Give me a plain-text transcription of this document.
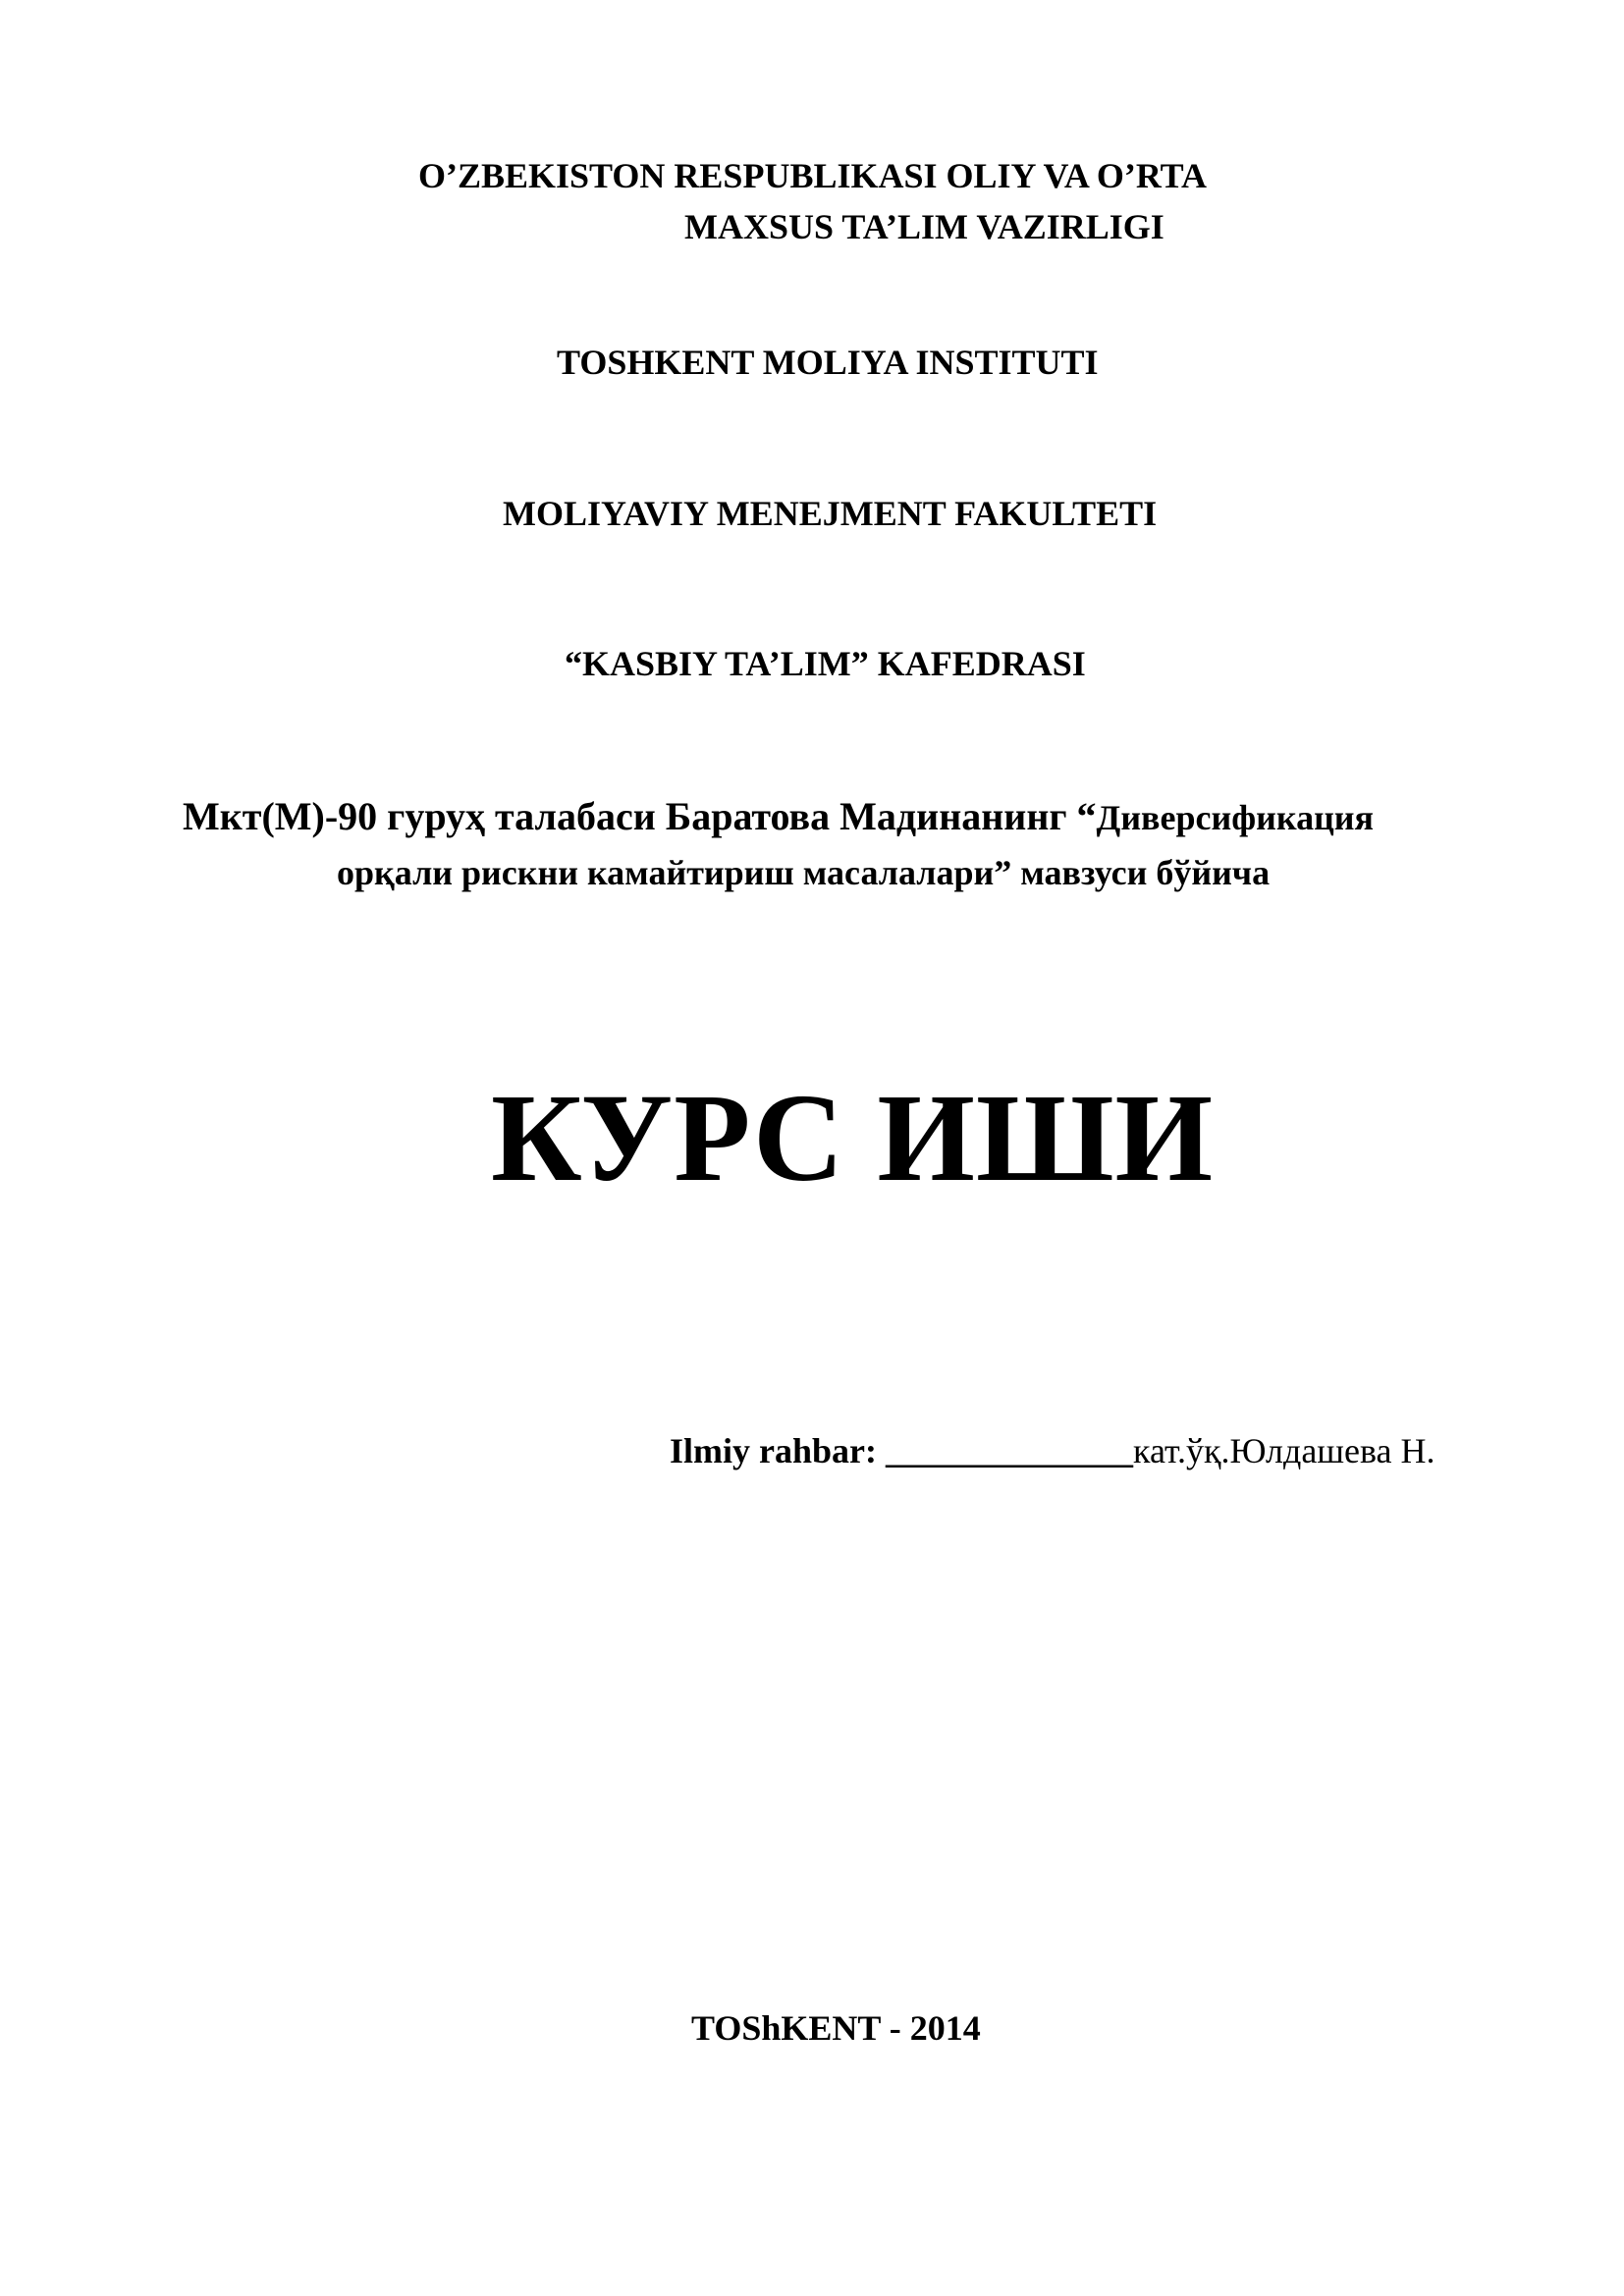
O’ZBEKISTON RESPUBLIKASI OLIY VA O’RTA
MAXSUS TA’LIM VAZIRLIGI
TOSHKENT MOLIYA INSTITUTI
MOLIYAVIY MENEJMENT FAKULTETI
“KASBIY TA’LIM” KAFEDRASI
Мкт(М)-90 гуруҳ талабаси Баратова Мадинанинг “Диверсификация
орқали рискни камайтириш масалалари” мавзуси бўйича
КУРС ИШИ
Ilmiy rahbar: ______________кат.ўқ.Юлдашева Н.
TOShKENT - 2014
